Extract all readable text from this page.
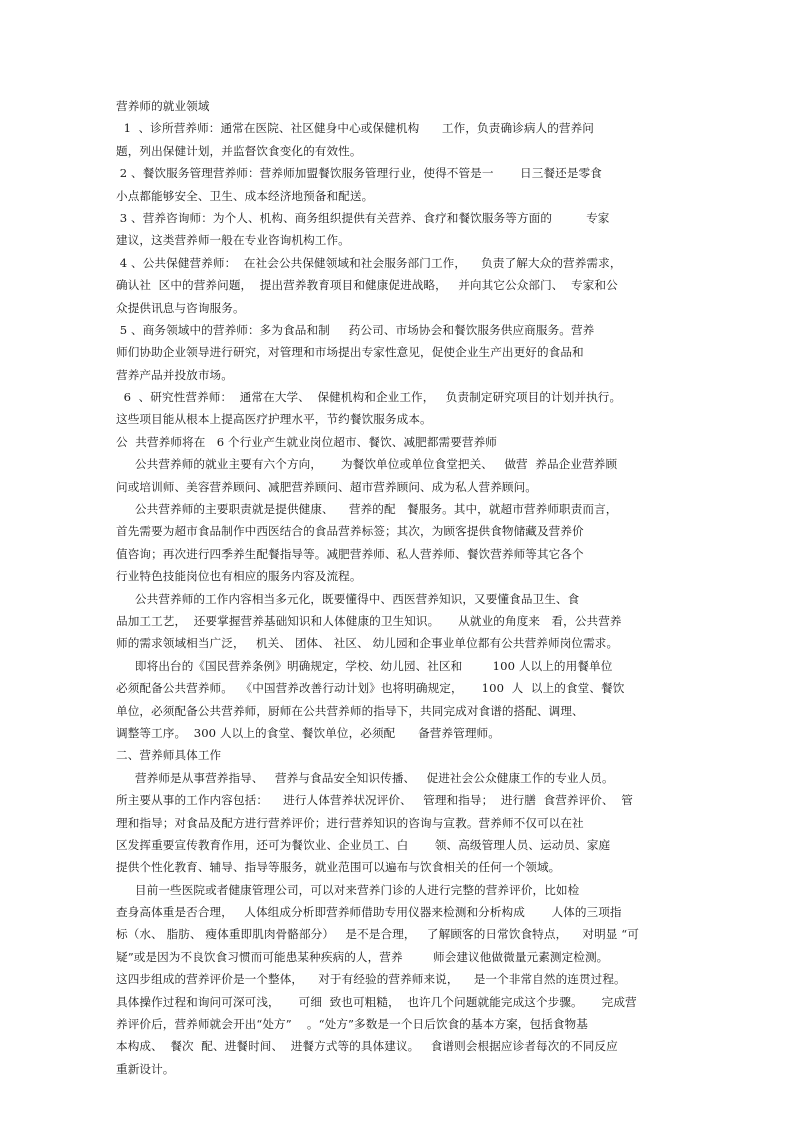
营养师的就业领域
1  、诊所营养师：通常在医院、社区健身中心或保健机构      工作，负责确诊病人的营养问
题，列出保健计划，并监督饮食变化的有效性。
2 、餐饮服务管理营养师：营养师加盟餐饮服务管理行业，使得不管是一       日三餐还是零食
小点都能够安全、卫生、成本经济地预备和配送。
3 、营养咨询师：为个人、机构、商务组织提供有关营养、食疗和餐饮服务等方面的         专家
建议，这类营养师一般在专业咨询机构工作。
4 、公共保健营养师：  在社会公共保健领域和社会服务部门工作，    负责了解大众的营养需求，
确认社  区中的营养问题，  提出营养教育项目和健康促进战略，   并向其它公众部门、  专家和公
众提供讯息与咨询服务。
5 、商务领域中的营养师：多为食品和制     药公司、市场协会和餐饮服务供应商服务。营养
师们协助企业领导进行研究，对管理和市场提出专家性意见，促使企业生产出更好的食品和
营养产品并投放市场。
6  、研究性营养师：  通常在大学、  保健机构和企业工作，   负责制定研究项目的计划并执行。
这些项目能从根本上提高医疗护理水平，节约餐饮服务成本。
公  共营养师将在   6 个行业产生就业岗位超市、餐饮、减肥都需要营养师
公共营养师的就业主要有六个方向，     为餐饮单位或单位食堂把关、   做营  养品企业营养顾
问或培训师、美容营养顾问、减肥营养顾问、超市营养顾问、成为私人营养顾问。
公共营养师的主要职责就是提供健康、    营养的配   餐服务。其中，就超市营养师职责而言，
首先需要为超市食品制作中西医结合的食品营养标签；其次，为顾客提供食物储藏及营养价
值咨询；再次进行四季养生配餐指导等。减肥营养师、私人营养师、餐饮营养师等其它各个
行业特色技能岗位也有相应的服务内容及流程。
公共营养师的工作内容相当多元化，既要懂得中、西医营养知识，又要懂食品卫生、食
品加工工艺，  还要掌握营养基础知识和人体健康的卫生知识。     从就业的角度来   看，公共营养
师的需求领域相当广泛，   机关、 团体、 社区、 幼儿园和企事业单位都有公共营养师岗位需求。
即将出台的《国民营养条例》明确规定，学校、幼儿园、社区和        100 人以上的用餐单位
必须配备公共营养师。  《中国营养改善行动计划》也将明确规定，     100  人  以上的食堂、餐饮
单位，必须配备公共营养师，厨师在公共营养师的指导下，共同完成对食谱的搭配、调理、
调整等工序。  300 人以上的食堂、餐饮单位，必须配      备营养管理师。
二、营养师具体工作
营养师是从事营养指导、   营养与食品安全知识传播、   促进社会公众健康工作的专业人员。
所主要从事的工作内容包括：    进行人体营养状况评价、   管理和指导；  进行膳  食营养评价、  管
理和指导；对食品及配方进行营养评价；进行营养知识的咨询与宣教。营养师不仅可以在社
区发挥重要宣传教育作用，还可为餐饮业、企业员工、白       领、高级管理人员、运动员、家庭
提供个性化教育、辅导、指导等服务，就业范围可以遍布与饮食相关的任何一个领域。
目前一些医院或者健康管理公司，可以对来营养门诊的人进行完整的营养评价，比如检
查身高体重是否合理，   人体组成分析即营养师借助专用仪器来检测和分析构成       人体的三项指
标（水、 脂肪、 瘦体重即肌肉骨骼部分）   是不是合理，   了解顾客的日常饮食特点，    对明显 “可
疑”或是因为不良饮食习惯而可能患某种疾病的人，营养        师会建议他做微量元素测定检测。
这四步组成的营养评价是一个整体，    对于有经验的营养师来说，    是一个非常自然的连贯过程。
具体操作过程和询问可深可浅，     可细  致也可粗糙，  也许几个问题就能完成这个步骤。     完成营
养评价后，营养师就会开出“处方”    。“处方”多数是一个日后饮食的基本方案，包括食物基
本构成、  餐次  配、进餐时间、  进餐方式等的具体建议。   食谱则会根据应诊者每次的不同反应
重新设计。
